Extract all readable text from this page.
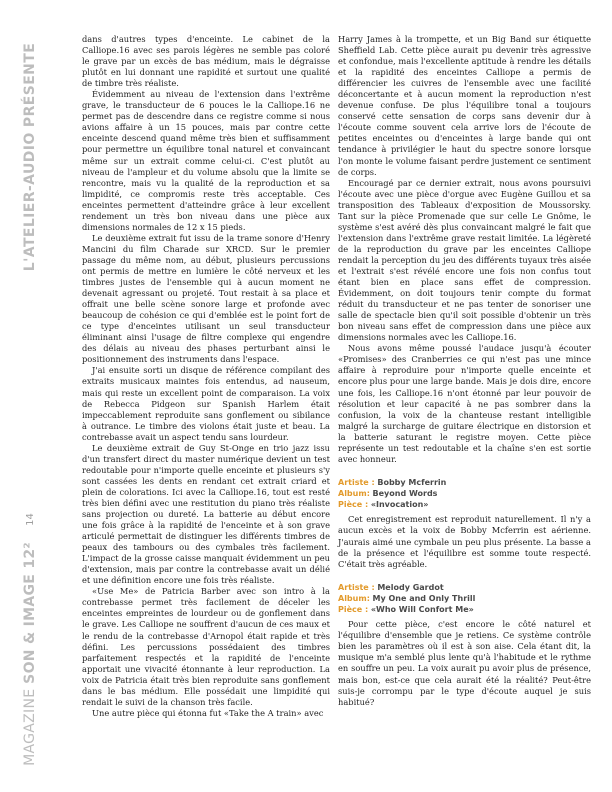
L'ATELIER-AUDIO PRÉSENTE
14
MAGAZINE SON & IMAGE 12²

dans d'autres types d'enceinte. Le cabinet de la Calliope.16 avec ses parois légères ne semble pas coloré le grave par un excès de bas médium, mais le dégraisse plutôt en lui donnant une rapidité et surtout une qualité de timbre très réaliste.

Évidemment au niveau de l'extension dans l'extrême grave, le transducteur de 6 pouces le la Calliope.16 ne permet pas de descendre dans ce registre comme si nous avions affaire à un 15 pouces, mais par contre cette enceinte descend quand même très bien et suffisamment pour permettre un équilibre tonal naturel et convaincant même sur un extrait comme celui-ci. C'est plutôt au niveau de l'ampleur et du volume absolu que la limite se rencontre, mais vu la qualité de la reproduction et sa limpidité, ce compromis reste très acceptable. Ces enceintes permettent d'atteindre grâce à leur excellent rendement un très bon niveau dans une pièce aux dimensions normales de 12 x 15 pieds.

Le deuxième extrait fut issu de la trame sonore d'Henry Mancini du film Charade sur XRCD. Sur le premier passage du même nom, au début, plusieurs percussions ont permis de mettre en lumière le côté nerveux et les timbres justes de l'ensemble qui à aucun moment ne devenait agressant ou projeté. Tout restait à sa place et offrait une belle scène sonore large et profonde avec beaucoup de cohésion ce qui d'emblée est le point fort de ce type d'enceintes utilisant un seul transducteur éliminant ainsi l'usage de filtre complexe qui engendre des délais au niveau des phases perturbant ainsi le positionnement des instruments dans l'espace.

J'ai ensuite sorti un disque de référence compilant des extraits musicaux maintes fois entendus, ad nauseum, mais qui reste un excellent point de comparaison. La voix de Rebecca Pidgeon sur Spanish Harlem était impeccablement reproduite sans gonflement ou sibilance à outrance. Le timbre des violons était juste et beau. La contrebasse avait un aspect tendu sans lourdeur.

Le deuxième extrait de Guy St-Onge en trio jazz issu d'un transfert direct du master numérique devient un test redoutable pour n'importe quelle enceinte et plusieurs s'y sont cassées les dents en rendant cet extrait criard et plein de colorations. Ici avec la Calliope.16, tout est resté très bien défini avec une restitution du piano très réaliste sans projection ou dureté. La batterie au début encore une fois grâce à la rapidité de l'enceinte et à son grave articulé permettait de distinguer les différents timbres de peaux des tambours ou des cymbales très facilement. L'impact de la grosse caisse manquait évidemment un peu d'extension, mais par contre la contrebasse avait un délié et une définition encore une fois très réaliste.

«Use Me» de Patricia Barber avec son intro à la contrebasse permet très facilement de déceler les enceintes empreintes de lourdeur ou de gonflement dans le grave. Les Calliope ne souffrent d'aucun de ces maux et le rendu de la contrebasse d'Arnopol était rapide et très défini. Les percussions possédaient des timbres parfaitement respectés et la rapidité de l'enceinte apportait une vivacité étonnante à leur reproduction. La voix de Patricia était très bien reproduite sans gonflement dans le bas médium. Elle possédait une limpidité qui rendait le suivi de la chanson très facile.

Une autre pièce qui étonna fut «Take the A train» avec

Harry James à la trompette, et un Big Band sur étiquette Sheffield Lab. Cette pièce aurait pu devenir très agressive et confondue, mais l'excellente aptitude à rendre les détails et la rapidité des enceintes Calliope a permis de différencier les cuivres de l'ensemble avec une facilité déconcertante et à aucun moment la reproduction n'est devenue confuse. De plus l'équilibre tonal a toujours conservé cette sensation de corps sans devenir dur à l'écoute comme souvent cela arrive lors de l'écoute de petites enceintes ou d'enceintes à large bande qui ont tendance à privilégier le haut du spectre sonore lorsque l'on monte le volume faisant perdre justement ce sentiment de corps.

Encouragé par ce dernier extrait, nous avons poursuivi l'écoute avec une pièce d'orgue avec Eugène Guillou et sa transposition des Tableaux d'exposition de Moussorsky. Tant sur la pièce Promenade que sur celle Le Gnôme, le système s'est avéré dès plus convaincant malgré le fait que l'extension dans l'extrême grave restait limitée. La légèreté de la reproduction du grave par les enceintes Calliope rendait la perception du jeu des différents tuyaux très aisée et l'extrait s'est révélé encore une fois non confus tout étant bien en place sans effet de compression. Évidemment, on doit toujours tenir compte du format réduit du transducteur et ne pas tenter de sonoriser une salle de spectacle bien qu'il soit possible d'obtenir un très bon niveau sans effet de compression dans une pièce aux dimensions normales avec les Calliope.16.

Nous avons même poussé l'audace jusqu'à écouter «Promises» des Cranberries ce qui n'est pas une mince affaire à reproduire pour n'importe quelle enceinte et encore plus pour une large bande. Mais je dois dire, encore une fois, les Calliope.16 n'ont étonné par leur pouvoir de résolution et leur capacité à ne pas sombrer dans la confusion, la voix de la chanteuse restant intelligible malgré la surcharge de guitare électrique en distorsion et la batterie saturant le registre moyen. Cette pièce représente un test redoutable et la chaîne s'en est sortie avec honneur.

Artiste : Bobby Mcferrin
Album: Beyond Words
Pièce : «Invocation»

Cet enregistrement est reproduit naturellement. Il n'y a aucun excès et la voix de Bobby Mcferrin est aérienne. J'aurais aimé une cymbale un peu plus présente. La basse a de la présence et l'équilibre est somme toute respecté. C'était très agréable.

Artiste : Melody Gardot
Album: My One and Only Thrill
Pièce : «Who Will Confort Me»

Pour cette pièce, c'est encore le côté naturel et l'équilibre d'ensemble que je retiens. Ce système contrôle bien les paramètres où il est à son aise. Cela étant dit, la musique m'a semblé plus lente qu'à l'habitude et le rythme en souffre un peu. La voix aurait pu avoir plus de présence, mais bon, est-ce que cela aurait été la réalité? Peut-être suis-je corrompu par le type d'écoute auquel je suis habitué?
